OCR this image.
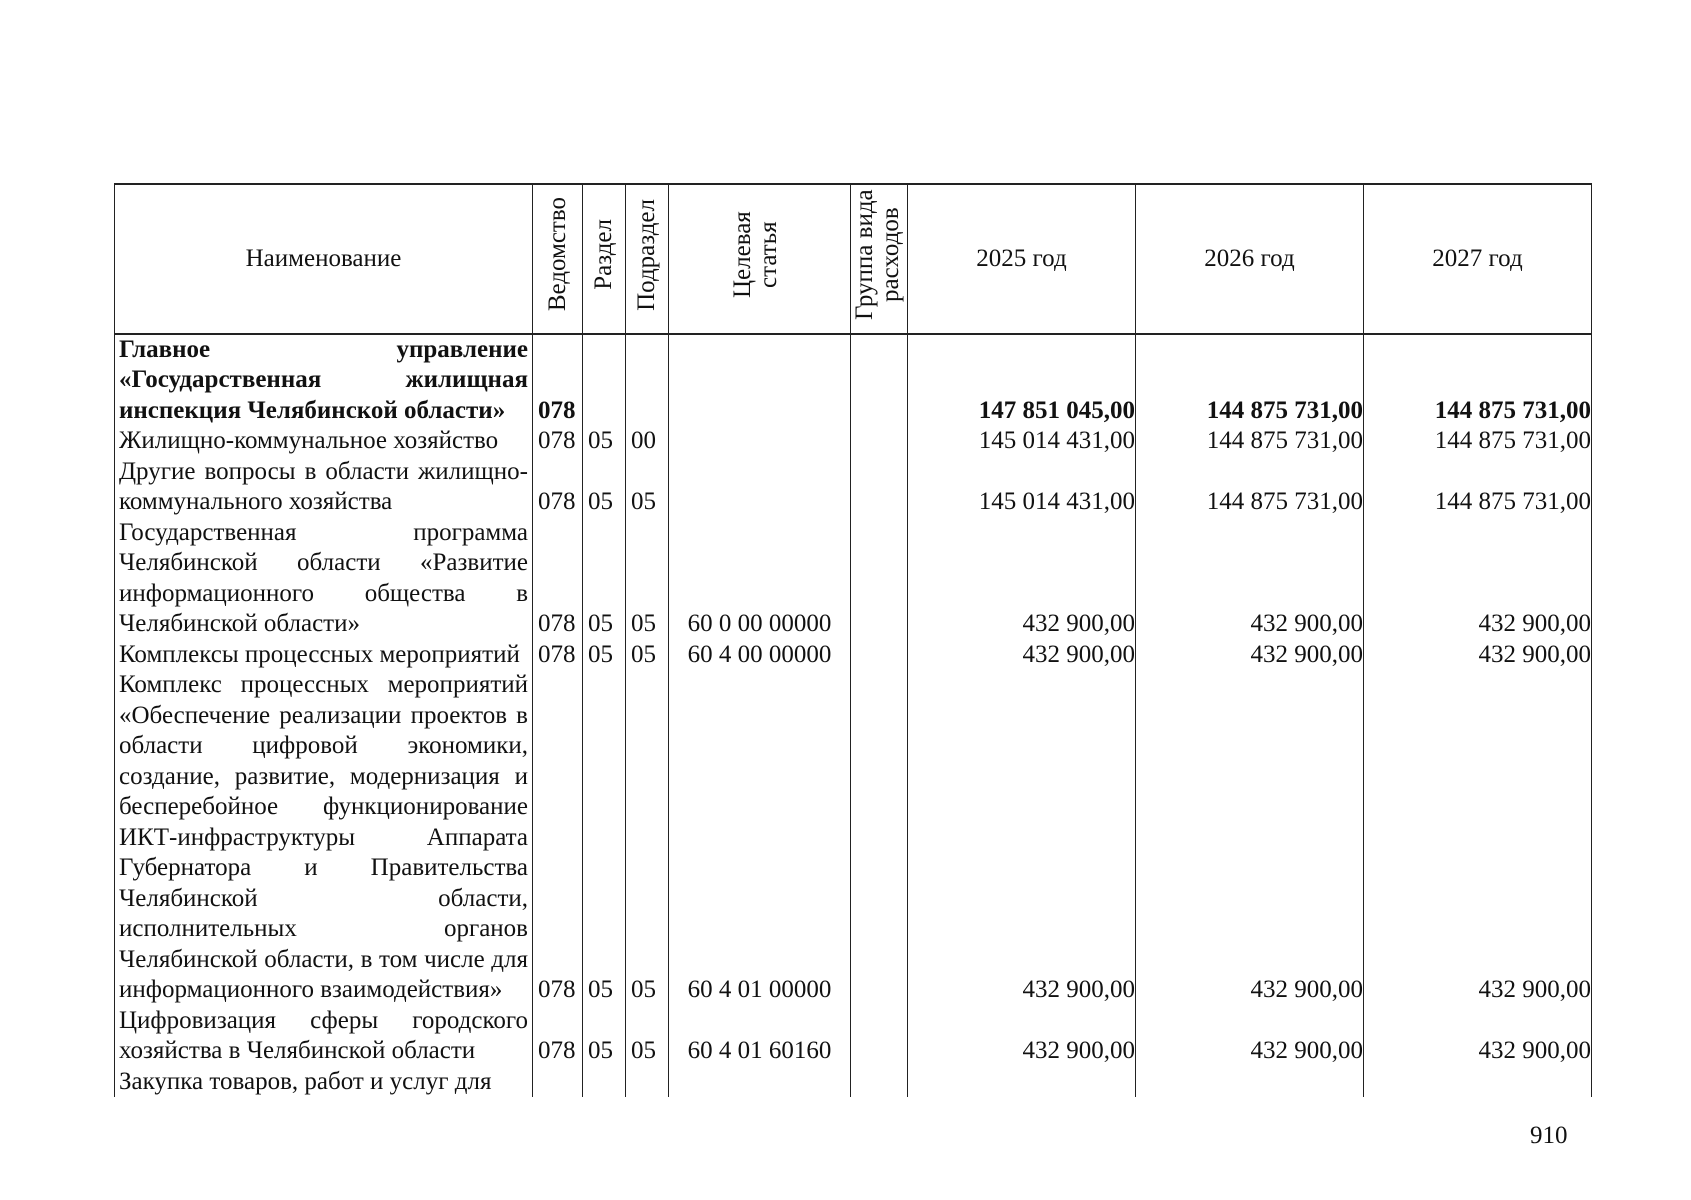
Наименование	Ведомство	Раздел	Подраздел	Целевая статья	Группа вида расходов	2025 год	2026 год	2027 год
Главное управление «Государственная жилищная инспекция Челябинской области»	078					147 851 045,00	144 875 731,00	144 875 731,00
Жилищно-коммунальное хозяйство	078	05	00			145 014 431,00	144 875 731,00	144 875 731,00
Другие вопросы в области жилищно-коммунального хозяйства	078	05	05			145 014 431,00	144 875 731,00	144 875 731,00
Государственная программа Челябинской области «Развитие информационного общества в Челябинской области»	078	05	05	60 0 00 00000		432 900,00	432 900,00	432 900,00
Комплексы процессных мероприятий	078	05	05	60 4 00 00000		432 900,00	432 900,00	432 900,00
Комплекс процессных мероприятий «Обеспечение реализации проектов в области цифровой экономики, создание, развитие, модернизация и бесперебойное функционирование ИКТ-инфраструктуры Аппарата Губернатора и Правительства Челябинской области, исполнительных органов Челябинской области, в том числе для информационного взаимодействия»	078	05	05	60 4 01 00000		432 900,00	432 900,00	432 900,00
Цифровизация сферы городского хозяйства в Челябинской области	078	05	05	60 4 01 60160		432 900,00	432 900,00	432 900,00
Закупка товаров, работ и услуг для								
910
